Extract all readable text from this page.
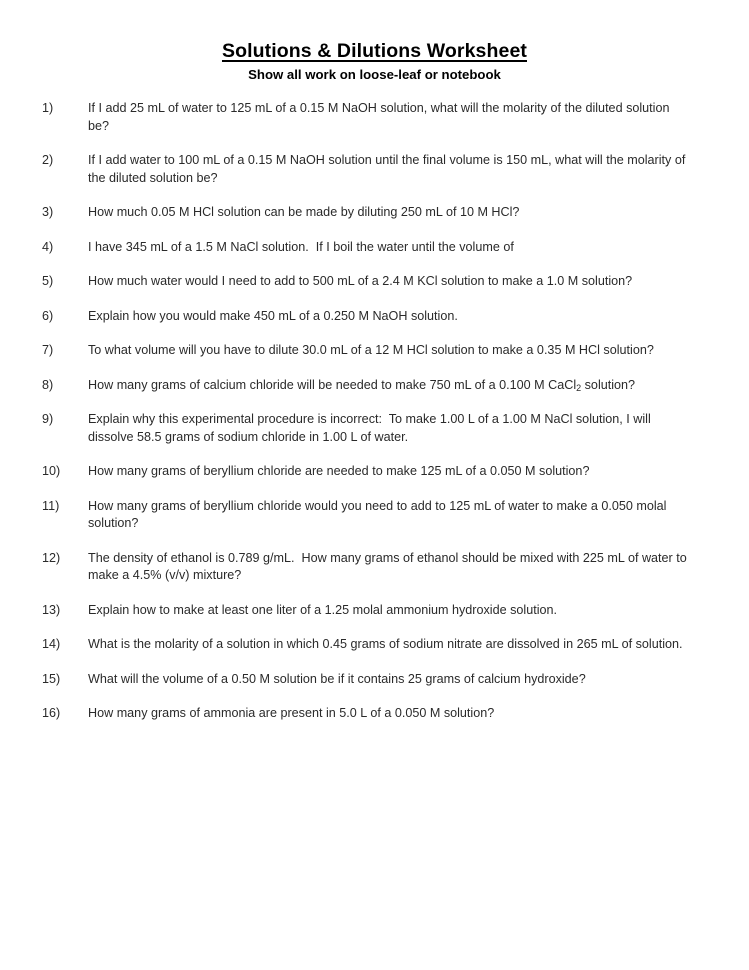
Solutions & Dilutions Worksheet
Show all work on loose-leaf or notebook
1)	If I add 25 mL of water to 125 mL of a 0.15 M NaOH solution, what will the molarity of the diluted solution be?
2)	If I add water to 100 mL of a 0.15 M NaOH solution until the final volume is 150 mL, what will the molarity of the diluted solution be?
3)	How much 0.05 M HCl solution can be made by diluting 250 mL of 10 M HCl?
4)	I have 345 mL of a 1.5 M NaCl solution.  If I boil the water until the volume of
5)	How much water would I need to add to 500 mL of a 2.4 M KCl solution to make a 1.0 M solution?
6)	Explain how you would make 450 mL of a 0.250 M NaOH solution.
7)	To what volume will you have to dilute 30.0 mL of a 12 M HCl solution to make a 0.35 M HCl solution?
8)	How many grams of calcium chloride will be needed to make 750 mL of a 0.100 M CaCl$_2$ solution?
9)	Explain why this experimental procedure is incorrect:  To make 1.00 L of a 1.00 M NaCl solution, I will dissolve 58.5 grams of sodium chloride in 1.00 L of water.
10)	How many grams of beryllium chloride are needed to make 125 mL of a 0.050 M solution?
11)	How many grams of beryllium chloride would you need to add to 125 mL of water to make a 0.050 molal solution?
12)	The density of ethanol is 0.789 g/mL.  How many grams of ethanol should be mixed with 225 mL of water to make a 4.5% (v/v) mixture?
13)	Explain how to make at least one liter of a 1.25 molal ammonium hydroxide solution.
14)	What is the molarity of a solution in which 0.45 grams of sodium nitrate are dissolved in 265 mL of solution.
15)	What will the volume of a 0.50 M solution be if it contains 25 grams of calcium hydroxide?
16)	How many grams of ammonia are present in 5.0 L of a 0.050 M solution?
